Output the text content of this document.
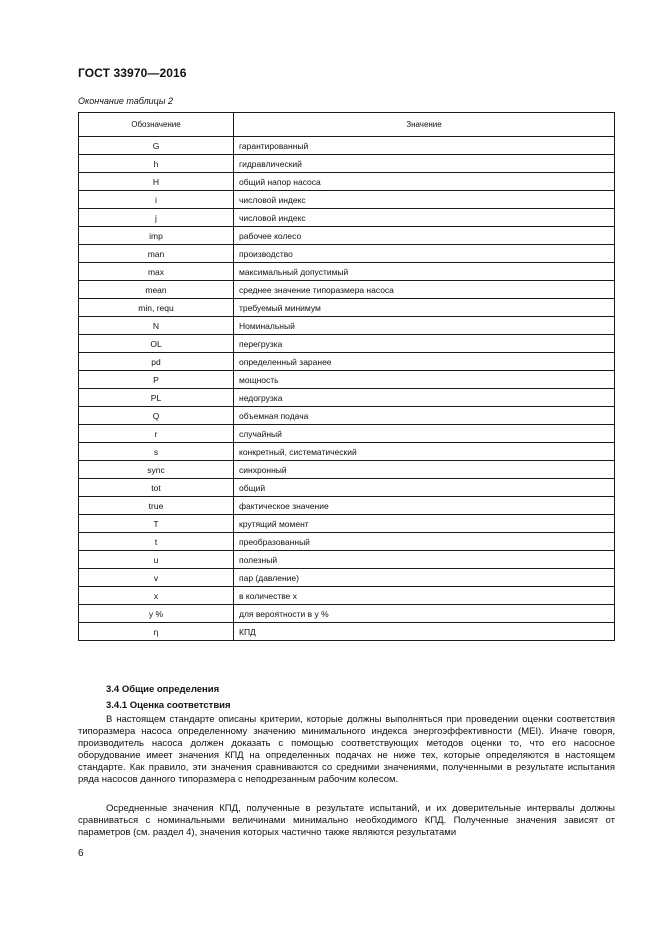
ГОСТ 33970—2016
Окончание таблицы 2
Обозначение	Значение
G	гарантированный
h	гидравлический
H	общий напор насоса
i	числовой индекс
j	числовой индекс
imp	рабочее колесо
man	производство
max	максимальный допустимый
mean	среднее значение типоразмера насоса
min, requ	требуемый минимум
N	Номинальный
OL	перегрузка
pd	определенный заранее
P	мощность
PL	недогрузка
Q	объемная подача
r	случайный
s	конкретный, систематический
sync	синхронный
tot	общий
true	фактическое значение
T	крутящий момент
t	преобразованный
u	полезный
v	пар (давление)
x	в количестве x
y %	для вероятности в y %
η	КПД
3.4 Общие определения
3.4.1 Оценка соответствия

В настоящем стандарте описаны критерии, которые должны выполняться при проведении оценки соответствия типоразмера насоса определенному значению минимального индекса энергоэффективности (MEI). Иначе говоря, производитель насоса должен доказать с помощью соответствующих методов оценки то, что его насосное оборудование имеет значения КПД на определенных подачах не ниже тех, которые определяются в настоящем стандарте. Как правило, эти значения сравниваются со средними значениями, полученными в результате испытания ряда насосов данного типоразмера с неподрезанным рабочим колесом.

Осредненные значения КПД, полученные в результате испытаний, и их доверительные интервалы должны сравниваться с номинальными величинами минимально необходимого КПД. Полученные значения зависят от параметров (см. раздел 4), значения которых частично также являются результатами

6
